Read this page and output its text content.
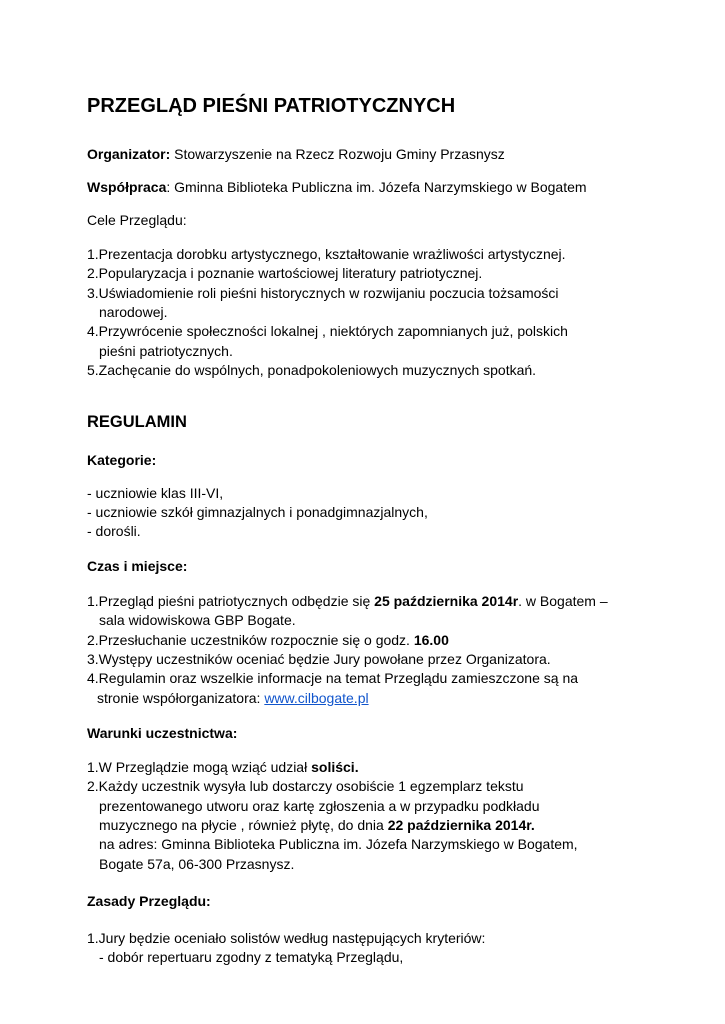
PRZEGLĄD PIEŚNI PATRIOTYCZNYCH
Organizator: Stowarzyszenie na Rzecz Rozwoju Gminy Przasnysz
Współpraca: Gminna Biblioteka Publiczna im. Józefa Narzymskiego w Bogatem
Cele Przeglądu:
1.Prezentacja dorobku artystycznego, kształtowanie wrażliwości artystycznej.
2.Popularyzacja i poznanie wartościowej literatury patriotycznej.
3.Uświadomienie roli pieśni historycznych w rozwijaniu poczucia tożsamości
narodowej.
4.Przywrócenie społeczności lokalnej , niektórych zapomnianych już, polskich
pieśni patriotycznych.
5.Zachęcanie do wspólnych, ponadpokoleniowych muzycznych spotkań.
REGULAMIN
Kategorie:
- uczniowie klas III-VI,
- uczniowie szkół gimnazjalnych i ponadgimnazjalnych,
- dorośli.
Czas i miejsce:
1.Przegląd pieśni patriotycznych odbędzie się 25 października 2014r. w Bogatem –
sala widowiskowa GBP Bogate.
2.Przesłuchanie uczestników rozpocznie się o godz. 16.00
3.Występy uczestników oceniać będzie Jury powołane przez Organizatora.
4.Regulamin oraz wszelkie informacje na temat Przeglądu zamieszczone są na
stronie współorganizatora: www.cilbogate.pl
Warunki uczestnictwa:
1.W Przeglądzie mogą wziąć udział soliści.
2.Każdy uczestnik wysyła lub dostarczy osobiście 1 egzemplarz tekstu
prezentowanego utworu oraz kartę zgłoszenia a w przypadku podkładu
muzycznego na płycie , również płytę, do dnia 22 października 2014r.
na adres: Gminna Biblioteka Publiczna im. Józefa Narzymskiego w Bogatem,
Bogate 57a, 06-300 Przasnysz.
Zasady Przeglądu:
1.Jury będzie oceniało solistów według następujących kryteriów:
- dobór repertuaru zgodny z tematyką Przeglądu,
